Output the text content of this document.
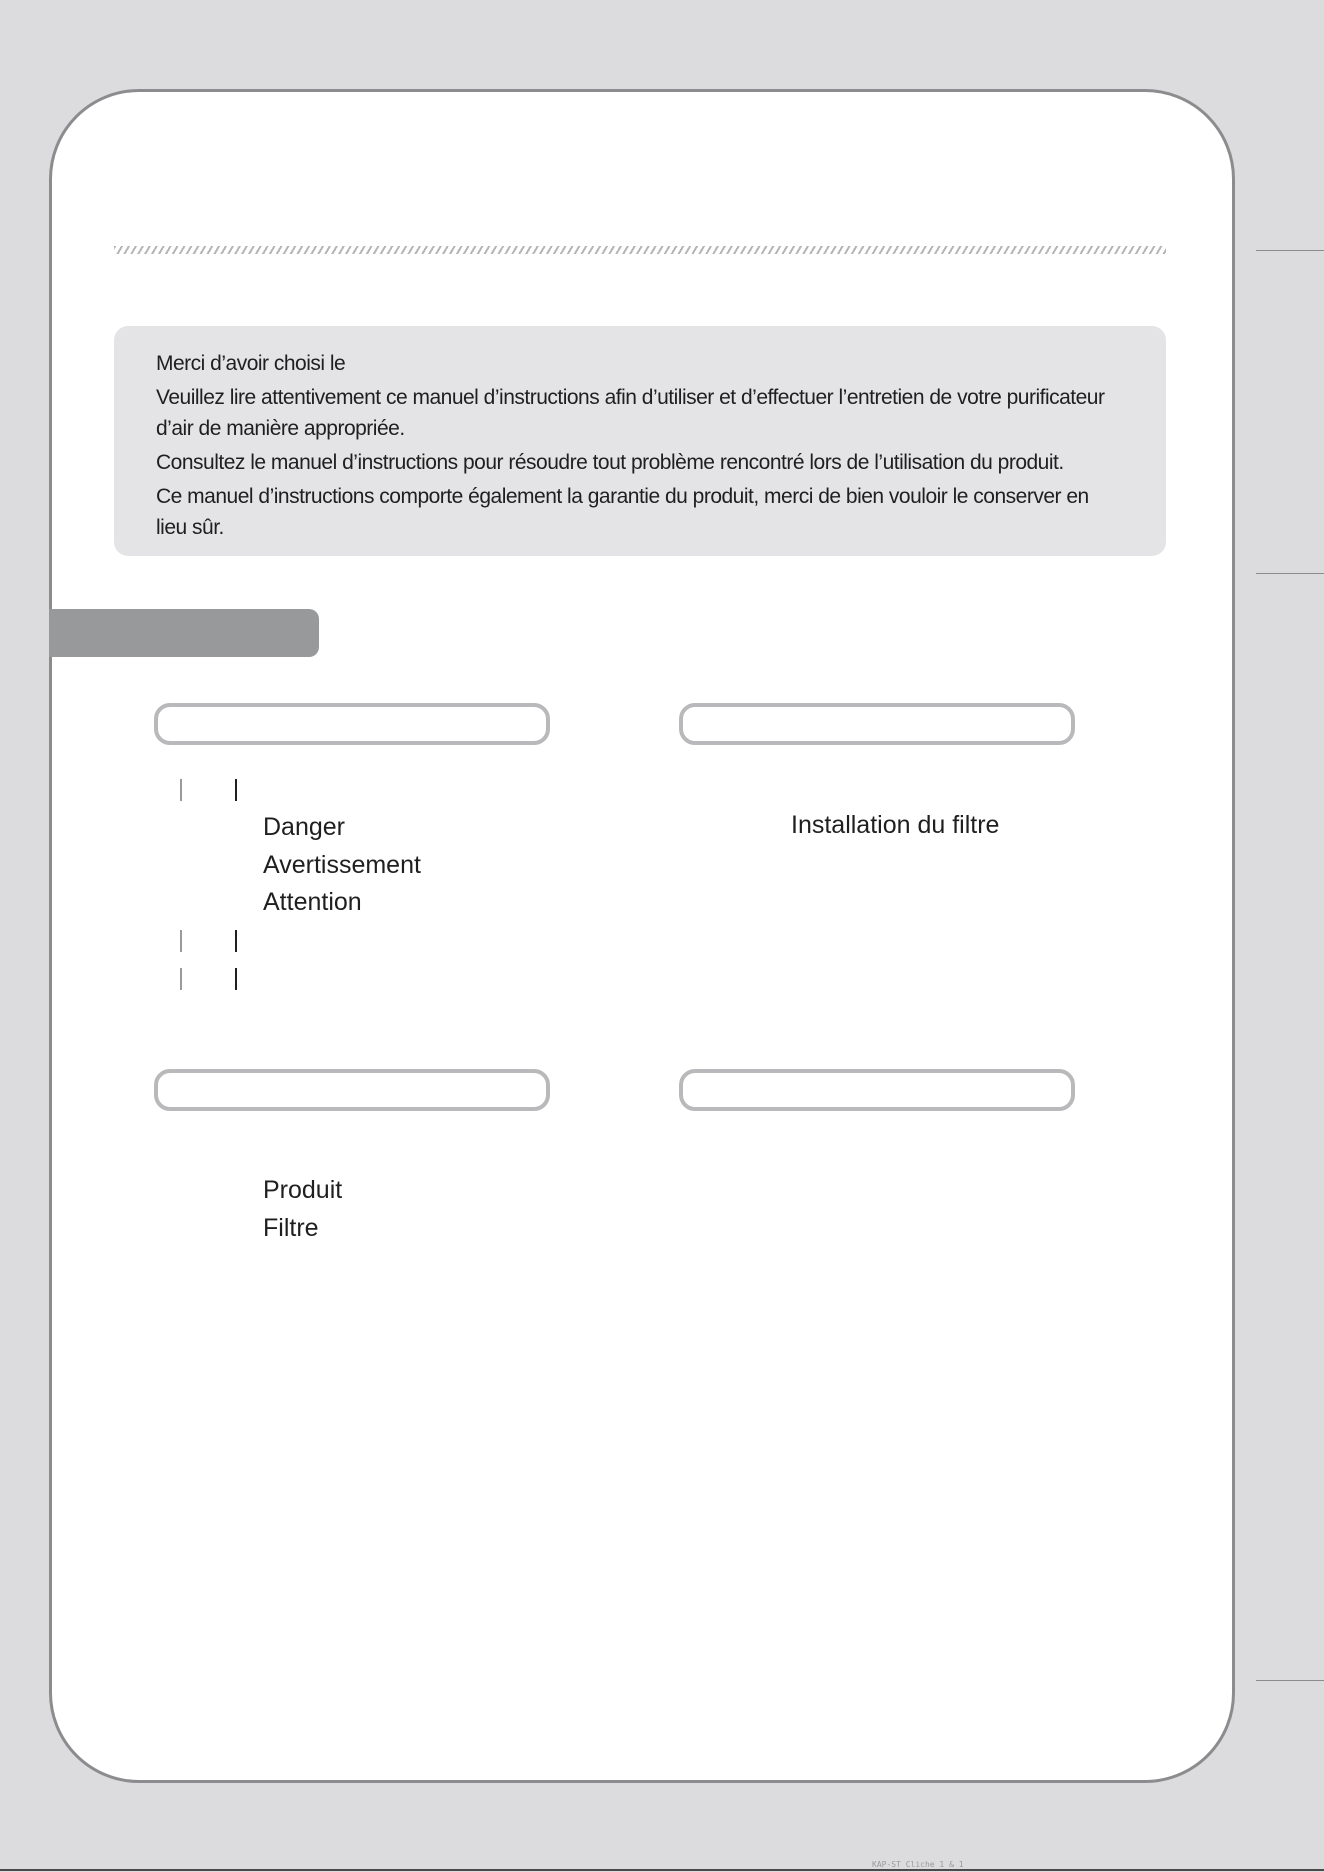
Merci d’avoir choisi le

Veuillez lire attentivement ce manuel d’instructions afin d’utiliser et d’effectuer l’entretien de votre purificateur d’air de manière appropriée.

Consultez le manuel d’instructions pour résoudre tout problème rencontré lors de l’utilisation du produit.

Ce manuel d’instructions comporte également la garantie du produit, merci de bien vouloir le conserver en lieu sûr.

Danger
Avertissement
Attention
Installation du filtre
Produit
Filtre
KAP-ST Cliche 1 & 1
